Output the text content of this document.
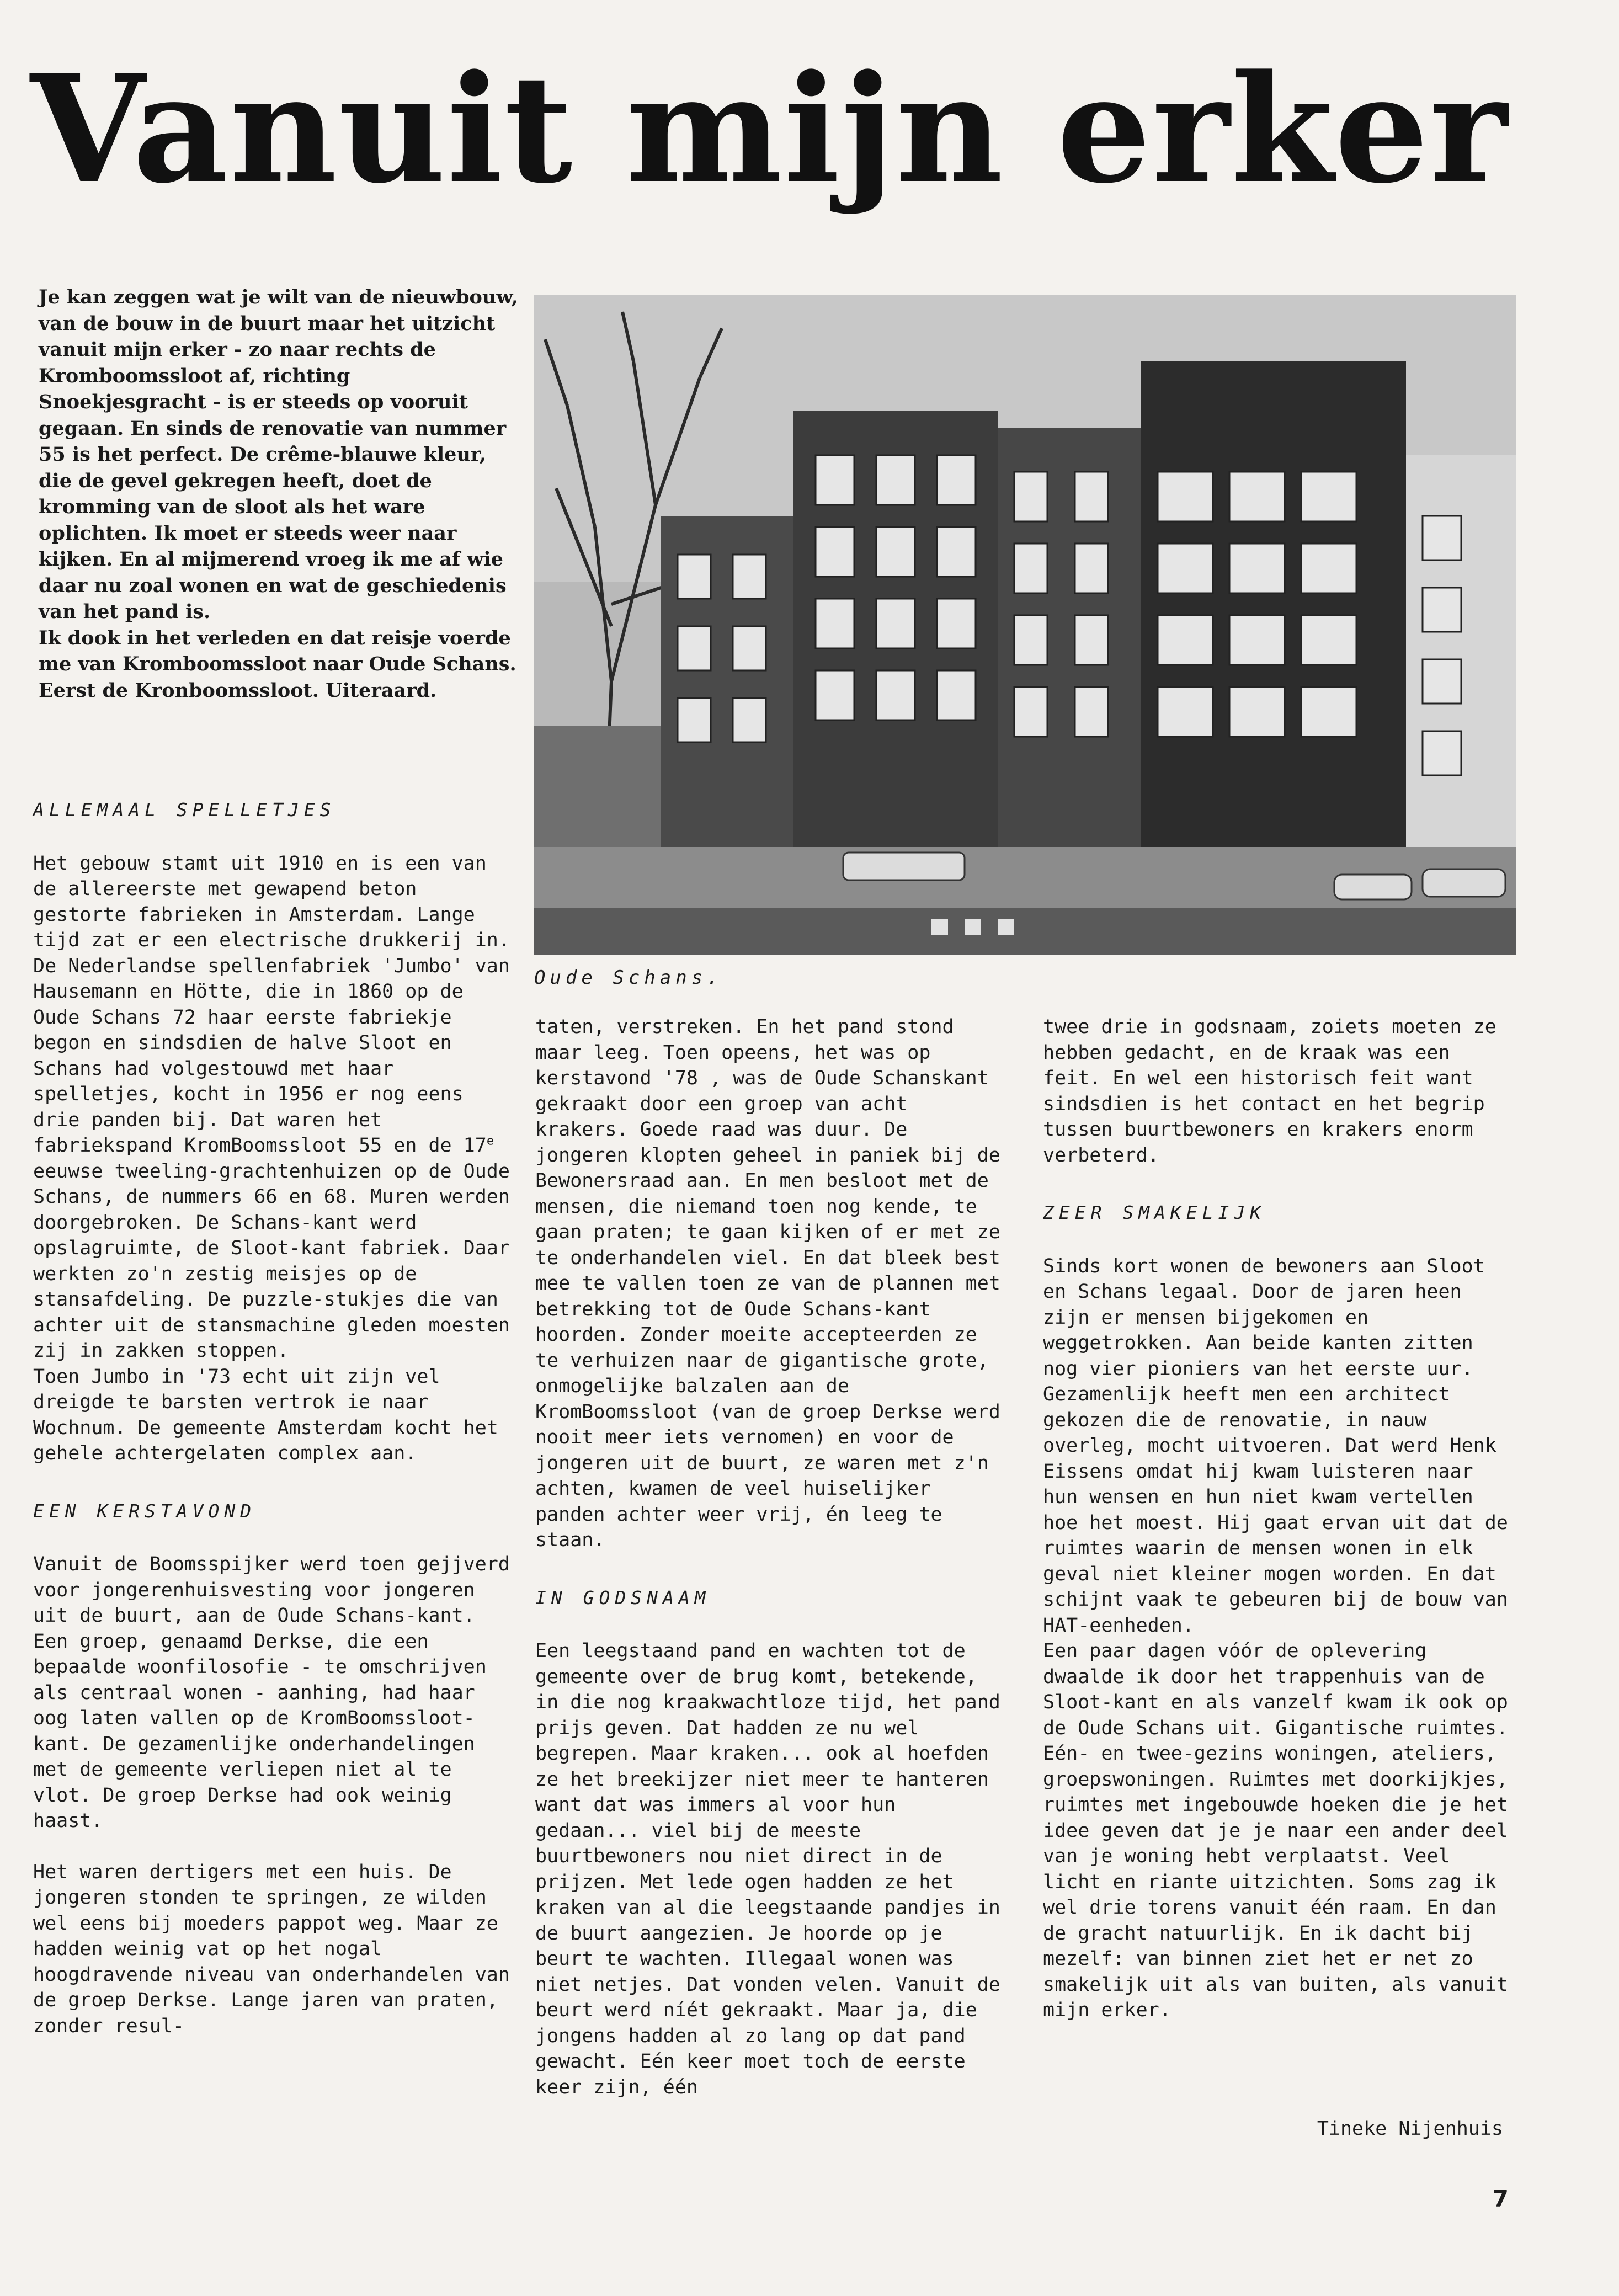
Vanuit mijn erker

Je kan zeggen wat je wilt van de nieuwbouw, van de bouw in de buurt maar het uitzicht vanuit mijn erker - zo naar rechts de Kromboomssloot af, richting Snoekjesgracht - is er steeds op vooruit gegaan. En sinds de renovatie van nummer 55 is het perfect. De crême-blauwe kleur, die de gevel gekregen heeft, doet de kromming van de sloot als het ware oplichten. Ik moet er steeds weer naar kijken. En al mijmerend vroeg ik me af wie daar nu zoal wonen en wat de geschiedenis van het pand is.

Ik dook in het verleden en dat reisje voerde me van Kromboomssloot naar Oude Schans. Eerst de Kronboomssloot. Uiteraard.

Oude Schans.

ALLEMAAL SPELLETJES

Het gebouw stamt uit 1910 en is een van de allereerste met gewapend beton gestorte fabrieken in Amsterdam. Lange tijd zat er een electrische drukkerij in.

De Nederlandse spellenfabriek 'Jumbo' van Hausemann en Hötte, die in 1860 op de Oude Schans 72 haar eerste fabriekje begon en sindsdien de halve Sloot en Schans had volgestouwd met haar spelletjes, kocht in 1956 er nog eens drie panden bij. Dat waren het fabriekspand KromBoomssloot 55 en de 17e eeuwse tweeling-grachtenhuizen op de Oude Schans, de nummers 66 en 68. Muren werden doorgebroken. De Schans-kant werd opslagruimte, de Sloot-kant fabriek. Daar werkten zo'n zestig meisjes op de stansafdeling. De puzzle-stukjes die van achter uit de stansmachine gleden moesten zij in zakken stoppen.

Toen Jumbo in '73 echt uit zijn vel dreigde te barsten vertrok ie naar Wochnum. De gemeente Amsterdam kocht het gehele achtergelaten complex aan.

EEN KERSTAVOND

Vanuit de Boomsspijker werd toen gejjverd voor jongerenhuisvesting voor jongeren uit de buurt, aan de Oude Schans-kant. Een groep, genaamd Derkse, die een bepaalde woonfilosofie - te omschrijven als centraal wonen - aanhing, had haar oog laten vallen op de KromBoomssloot-kant. De gezamenlijke onderhandelingen met de gemeente verliepen niet al te vlot. De groep Derkse had ook weinig haast.

Het waren dertigers met een huis. De jongeren stonden te springen, ze wilden wel eens bij moeders pappot weg. Maar ze hadden weinig vat op het nogal hoogdravende niveau van onderhandelen van de groep Derkse. Lange jaren van praten, zonder resul-

taten, verstreken. En het pand stond maar leeg. Toen opeens, het was op kerstavond '78 , was de Oude Schanskant gekraakt door een groep van acht krakers. Goede raad was duur. De jongeren klopten geheel in paniek bij de Bewonersraad aan. En men besloot met de mensen, die niemand toen nog kende, te gaan praten; te gaan kijken of er met ze te onderhandelen viel. En dat bleek best mee te vallen toen ze van de plannen met betrekking tot de Oude Schans-kant hoorden. Zonder moeite accepteerden ze te verhuizen naar de gigantische grote, onmogelijke balzalen aan de KromBoomssloot (van de groep Derkse werd nooit meer iets vernomen) en voor de jongeren uit de buurt, ze waren met z'n achten, kwamen de veel huiselijker panden achter weer vrij, én leeg te staan.

IN GODSNAAM

Een leegstaand pand en wachten tot de gemeente over de brug komt, betekende, in die nog kraakwachtloze tijd, het pand prijs geven. Dat hadden ze nu wel begrepen. Maar kraken... ook al hoefden ze het breekijzer niet meer te hanteren want dat was immers al voor hun gedaan... viel bij de meeste buurtbewoners nou niet direct in de prijzen. Met lede ogen hadden ze het kraken van al die leegstaande pandjes in de buurt aangezien. Je hoorde op je beurt te wachten. Illegaal wonen was niet netjes. Dat vonden velen. Vanuit de beurt werd níét gekraakt. Maar ja, die jongens hadden al zo lang op dat pand gewacht. Eén keer moet toch de eerste keer zijn, één

twee drie in godsnaam, zoiets moeten ze hebben gedacht, en de kraak was een feit. En wel een historisch feit want sindsdien is het contact en het begrip tussen buurtbewoners en krakers enorm verbeterd.

ZEER SMAKELIJK

Sinds kort wonen de bewoners aan Sloot en Schans legaal. Door de jaren heen zijn er mensen bijgekomen en weggetrokken. Aan beide kanten zitten nog vier pioniers van het eerste uur. Gezamenlijk heeft men een architect gekozen die de renovatie, in nauw overleg, mocht uitvoeren. Dat werd Henk Eissens omdat hij kwam luisteren naar hun wensen en hun niet kwam vertellen hoe het moest. Hij gaat ervan uit dat de ruimtes waarin de mensen wonen in elk geval niet kleiner mogen worden. En dat schijnt vaak te gebeuren bij de bouw van HAT-eenheden.

Een paar dagen vóór de oplevering dwaalde ik door het trappenhuis van de Sloot-kant en als vanzelf kwam ik ook op de Oude Schans uit. Gigantische ruimtes. Eén- en twee-gezins woningen, ateliers, groepswoningen. Ruimtes met doorkijkjes, ruimtes met ingebouwde hoeken die je het idee geven dat je je naar een ander deel van je woning hebt verplaatst. Veel licht en riante uitzichten. Soms zag ik wel drie torens vanuit één raam. En dan de gracht natuurlijk. En ik dacht bij mezelf: van binnen ziet het er net zo smakelijk uit als van buiten, als vanuit mijn erker.

Tineke Nijenhuis
7
